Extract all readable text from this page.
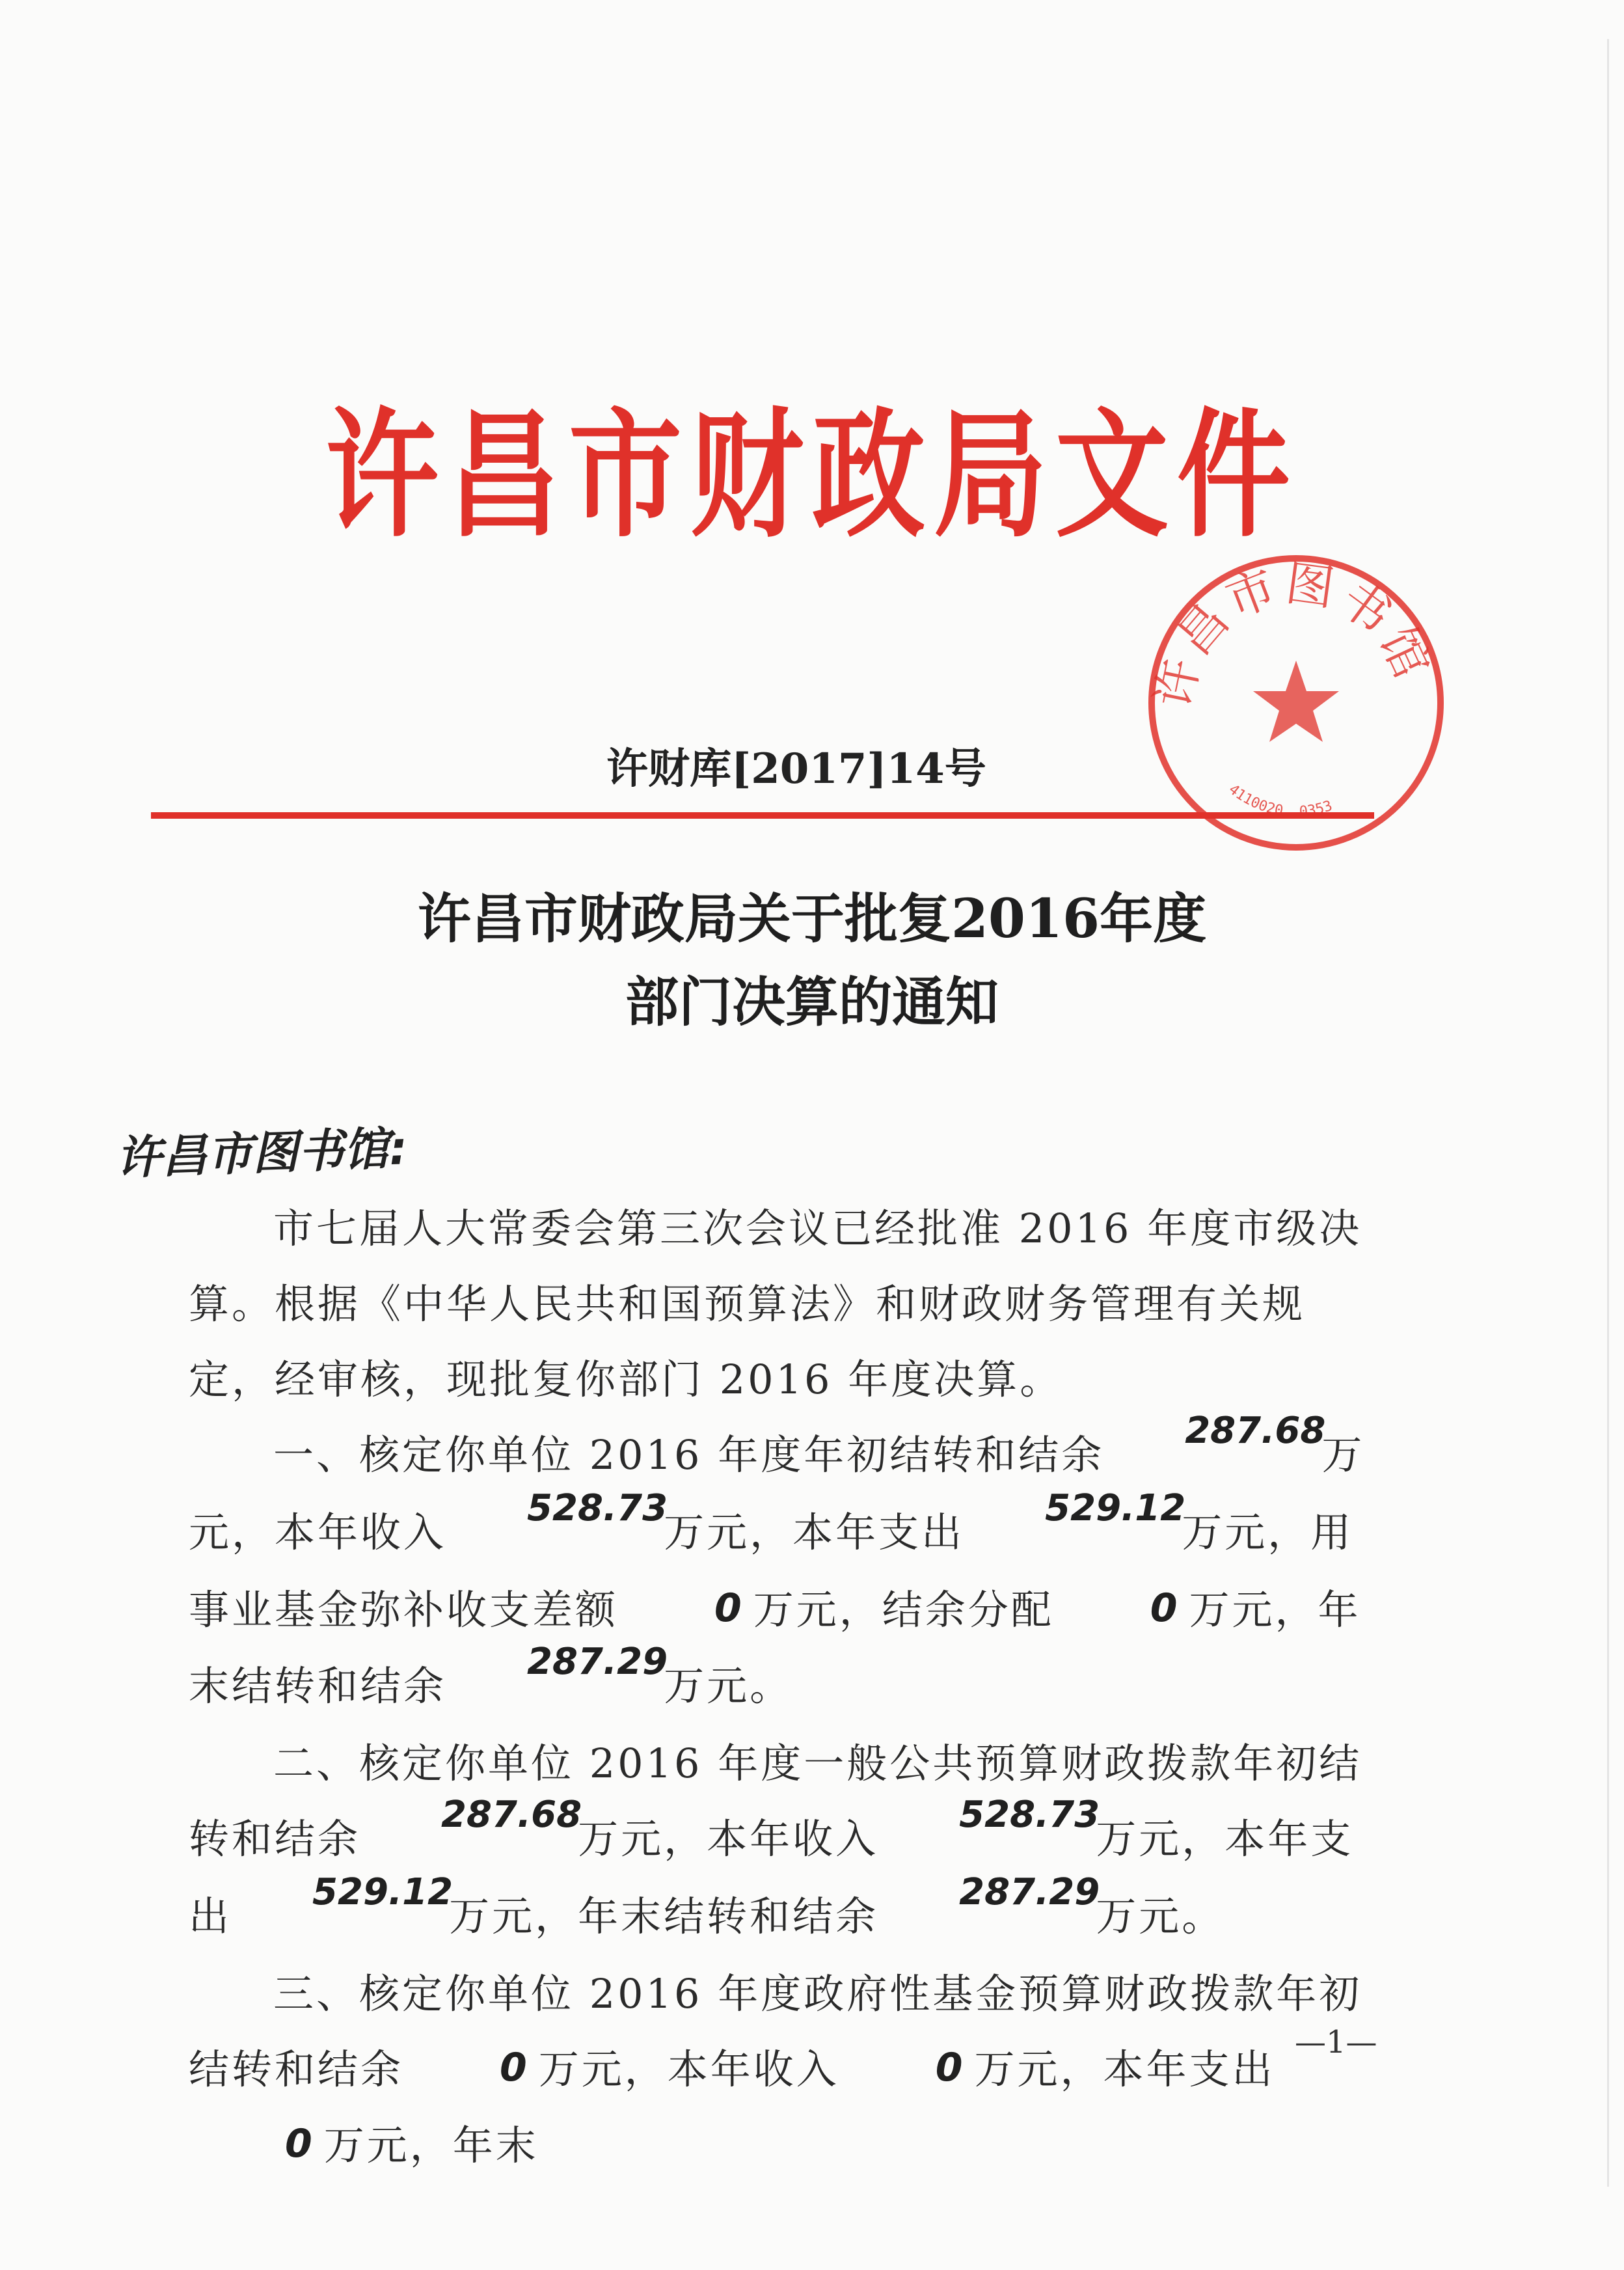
许昌市财政局文件
许财库[2017]14号
许昌市图书馆
4110020..0353
许昌市财政局关于批复2016年度
部门决算的通知
许昌市图书馆:

市七届人大常委会第三次会议已经批准 2016 年度市级决算。根据《中华人民共和国预算法》和财政财务管理有关规定，经审核，现批复你部门 2016 年度决算。

一、核定你单位 2016 年度年初结转和结余287.68万元，本年收入528.73万元，本年支出529.12万元，用事业基金弥补收支差额 0 万元，结余分配 0 万元，年末结转和结余287.29万元。

二、核定你单位 2016 年度一般公共预算财政拨款年初结转和结余287.68万元，本年收入528.73万元，本年支出529.12万元，年末结转和结余287.29万元。

三、核定你单位 2016 年度政府性基金预算财政拨款年初结转和结余 0 万元，本年收入 0 万元，本年支出0 万元，年末

—1—
